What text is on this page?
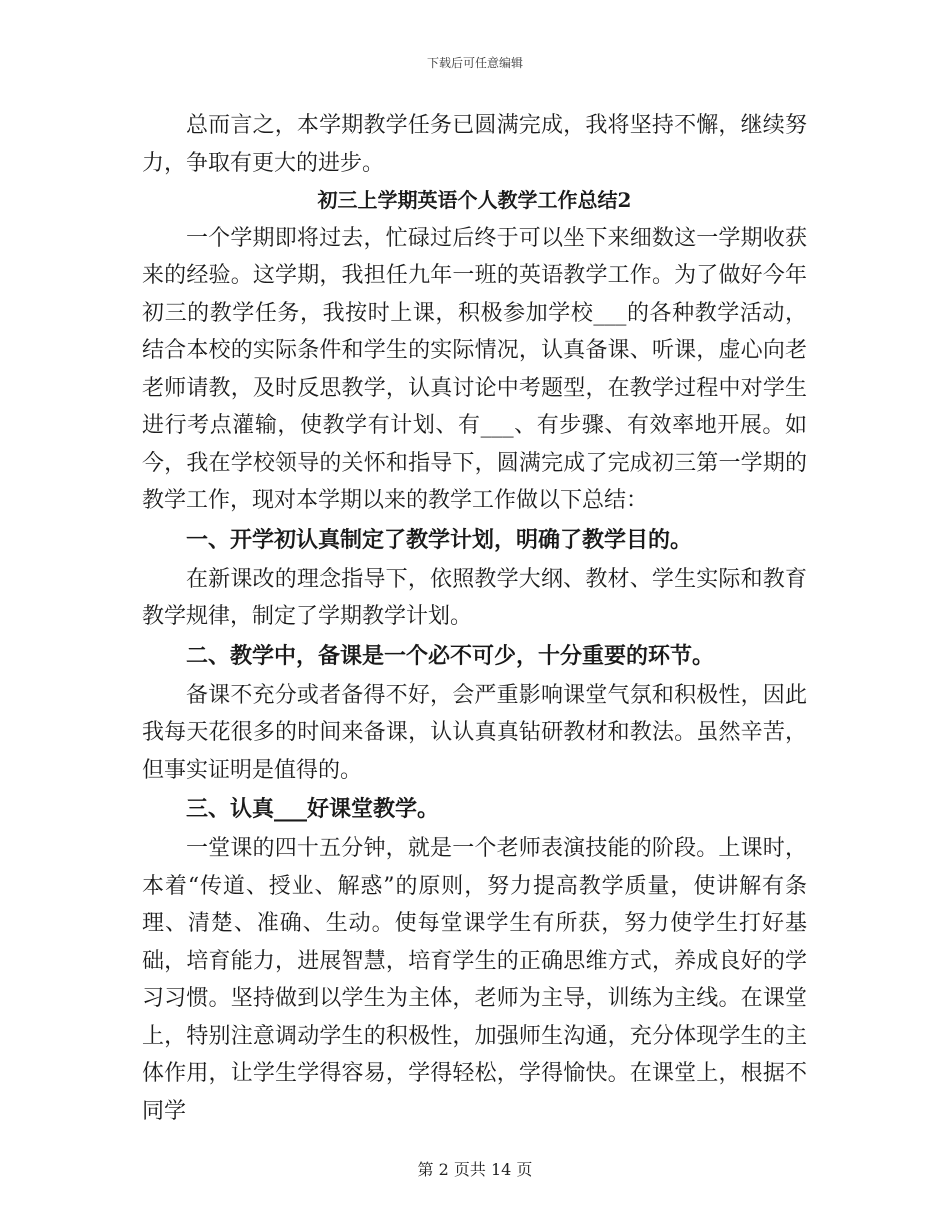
下载后可任意编辑

总而言之，本学期教学任务已圆满完成，我将坚持不懈，继续努力，争取有更大的进步。

初三上学期英语个人教学工作总结2

一个学期即将过去，忙碌过后终于可以坐下来细数这一学期收获来的经验。这学期，我担任九年一班的英语教学工作。为了做好今年初三的教学任务，我按时上课，积极参加学校___的各种教学活动，结合本校的实际条件和学生的实际情况，认真备课、听课，虚心向老老师请教，及时反思教学，认真讨论中考题型，在教学过程中对学生进行考点灌输，使教学有计划、有___、有步骤、有效率地开展。如今，我在学校领导的关怀和指导下，圆满完成了完成初三第一学期的教学工作，现对本学期以来的教学工作做以下总结：

一、开学初认真制定了教学计划，明确了教学目的。

在新课改的理念指导下，依照教学大纲、教材、学生实际和教育教学规律，制定了学期教学计划。

二、教学中，备课是一个必不可少，十分重要的环节。

备课不充分或者备得不好，会严重影响课堂气氛和积极性，因此我每天花很多的时间来备课，认认真真钻研教材和教法。虽然辛苦，但事实证明是值得的。

三、认真___好课堂教学。

一堂课的四十五分钟，就是一个老师表演技能的阶段。上课时，本着“传道、授业、解惑”的原则，努力提高教学质量，使讲解有条理、清楚、准确、生动。使每堂课学生有所获，努力使学生打好基础，培育能力，进展智慧，培育学生的正确思维方式，养成良好的学习习惯。坚持做到以学生为主体，老师为主导，训练为主线。在课堂上，特别注意调动学生的积极性，加强师生沟通，充分体现学生的主体作用，让学生学得容易，学得轻松，学得愉快。在课堂上，根据不同学

第 2 页共 14 页
